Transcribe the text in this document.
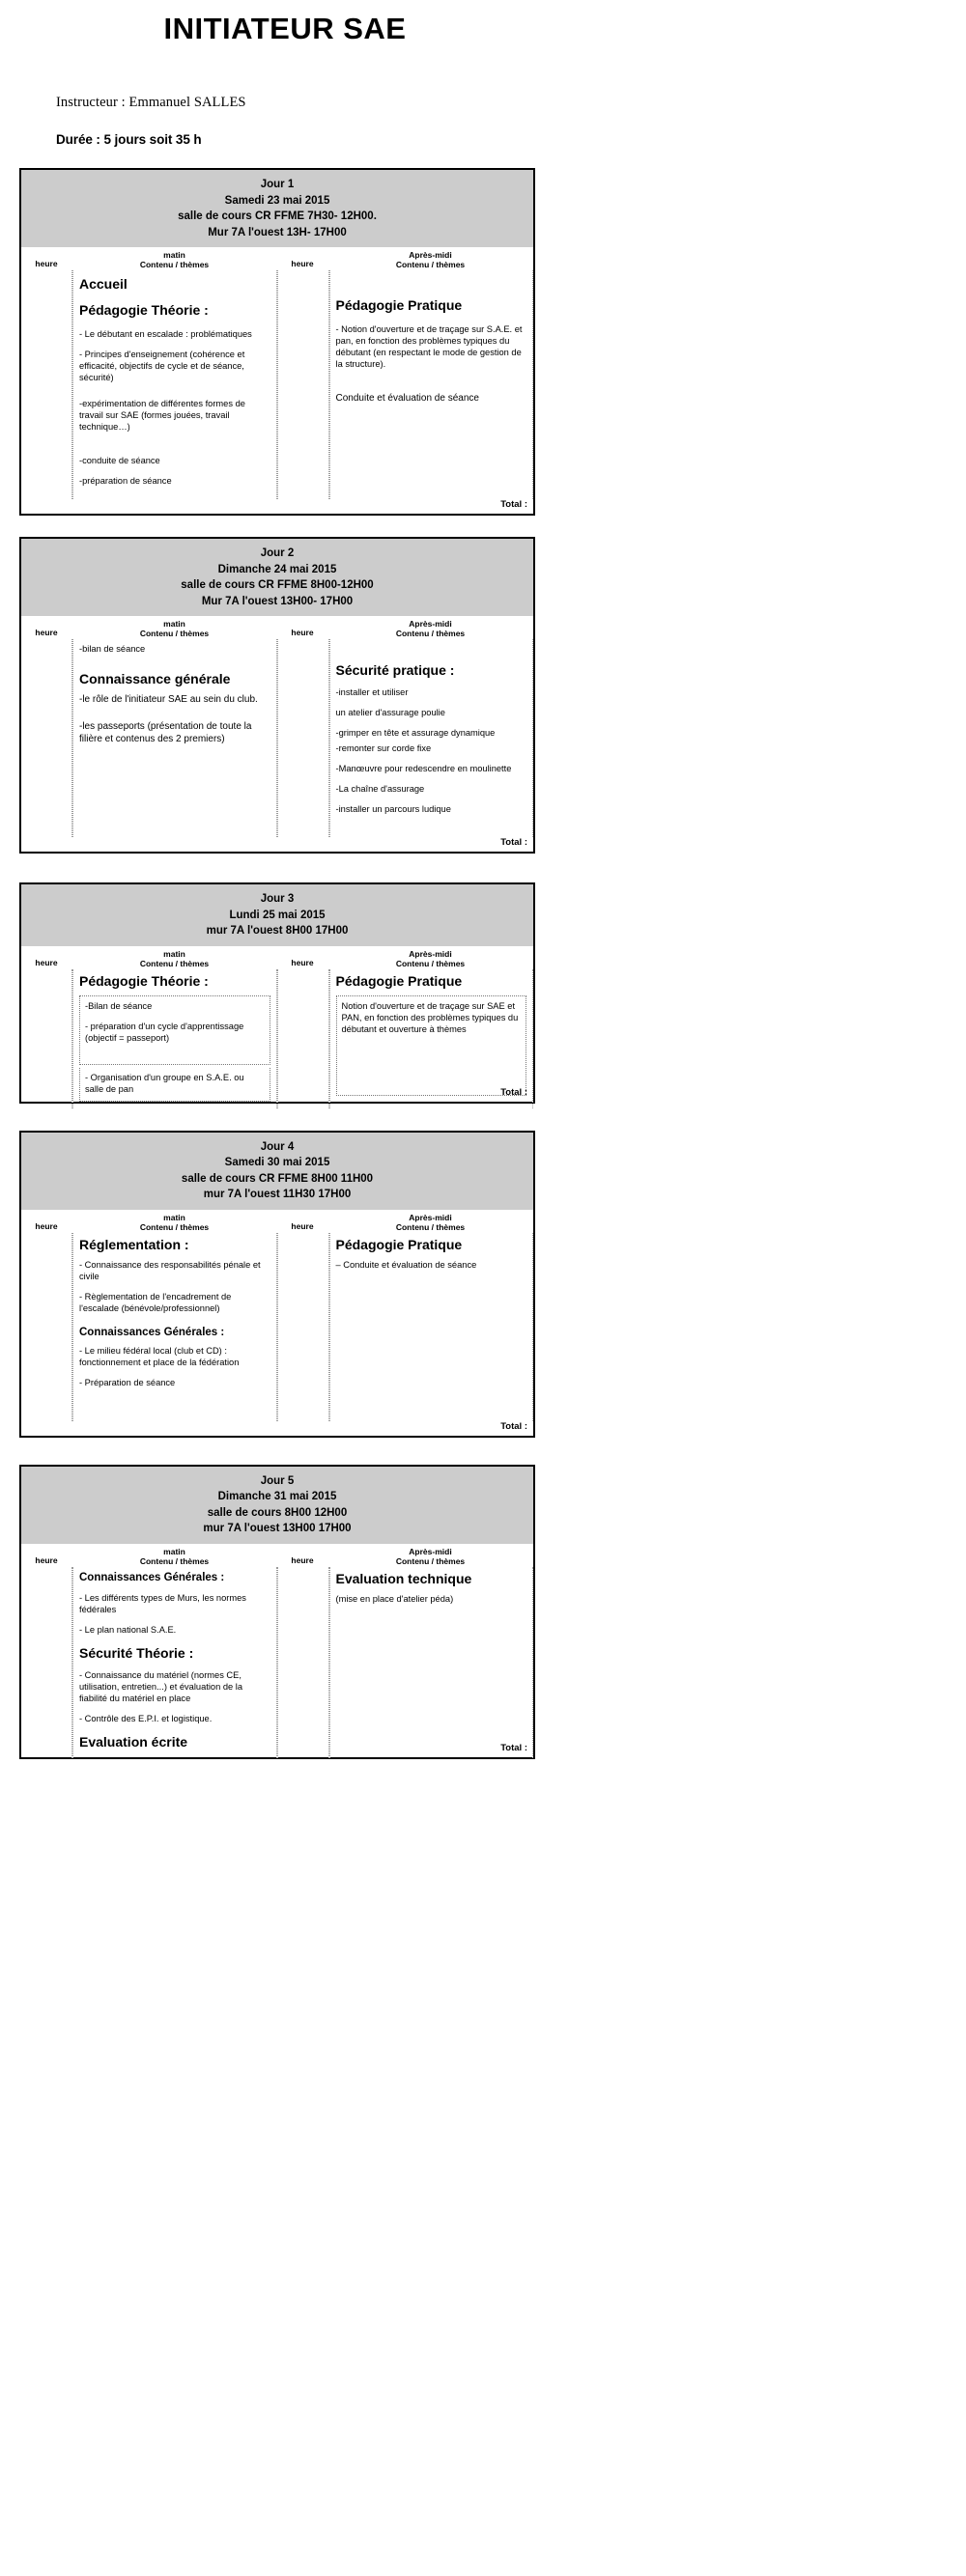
INITIATEUR SAE
Instructeur : Emmanuel SALLES
Durée : 5 jours soit 35 h
Jour 1
Samedi 23 mai 2015
salle de cours CR FFME 7H30- 12H00.
Mur 7A l'ouest 13H- 17H00
heure
matin
Contenu / thèmes	heure
Après-midi
Contenu / thèmes
Accueil
Pédagogie Théorie :
- Le débutant en escalade : problématiques
- Principes d'enseignement (cohérence et efficacité, objectifs de cycle et de séance, sécurité)
-expérimentation de différentes formes de travail sur SAE (formes jouées, travail technique…)
-conduite de séance
-préparation de séance
Pédagogie Pratique
- Notion d'ouverture et de traçage sur S.A.E. et pan, en fonction des problèmes typiques du débutant (en respectant le mode de gestion de la structure).
Conduite et évaluation de séance
Total :
Jour 2
Dimanche 24 mai 2015
salle de cours CR FFME 8H00-12H00
Mur 7A l'ouest 13H00- 17H00
heure
matin
Contenu / thèmes	heure
Après-midi
Contenu / thèmes
-bilan de séance
Connaissance générale
-le rôle de l'initiateur SAE au sein du club.
-les passeports (présentation de toute la filière et contenus des 2 premiers)
Sécurité pratique :
-installer et utiliser
un atelier d'assurage poulie
-grimper en tête et assurage dynamique
-remonter sur corde fixe
-Manœuvre pour redescendre en moulinette
-La chaîne d'assurage
-installer un parcours ludique
Total :
Jour 3
Lundi 25 mai 2015
mur 7A l'ouest 8H00 17H00
heure
matin
Contenu / thèmes	heure
Après-midi
Contenu / thèmes
Pédagogie Théorie :
-Bilan de séance
- préparation d'un cycle d'apprentissage (objectif = passeport)
- Organisation d'un groupe en S.A.E. ou salle de pan
Pédagogie Pratique
Notion d'ouverture et de traçage sur SAE et PAN, en fonction des problèmes typiques du débutant et ouverture à thèmes
Total :
Jour 4
Samedi 30 mai 2015
salle de cours CR FFME 8H00 11H00
mur 7A l'ouest 11H30 17H00
heure
matin
Contenu / thèmes	heure
Après-midi
Contenu / thèmes
Réglementation :
- Connaissance des responsabilités pénale et civile
- Règlementation de l'encadrement de l'escalade (bénévole/professionnel)
Connaissances Générales :
- Le milieu fédéral local (club et CD) : fonctionnement et place de la fédération
- Préparation de séance
Pédagogie Pratique
– Conduite et évaluation de séance
Total :
Jour 5
Dimanche 31 mai 2015
salle de cours 8H00 12H00
mur 7A l'ouest 13H00 17H00
heure
matin
Contenu / thèmes	heure
Après-midi
Contenu / thèmes
Connaissances Générales :
- Les différents types de Murs, les normes fédérales
- Le plan national S.A.E.
Sécurité Théorie :
- Connaissance du matériel (normes CE, utilisation, entretien...) et évaluation de la fiabilité du matériel en place
- Contrôle des E.P.I. et logistique.
Evaluation écrite
Evaluation technique
(mise en place d'atelier péda)
Total :
